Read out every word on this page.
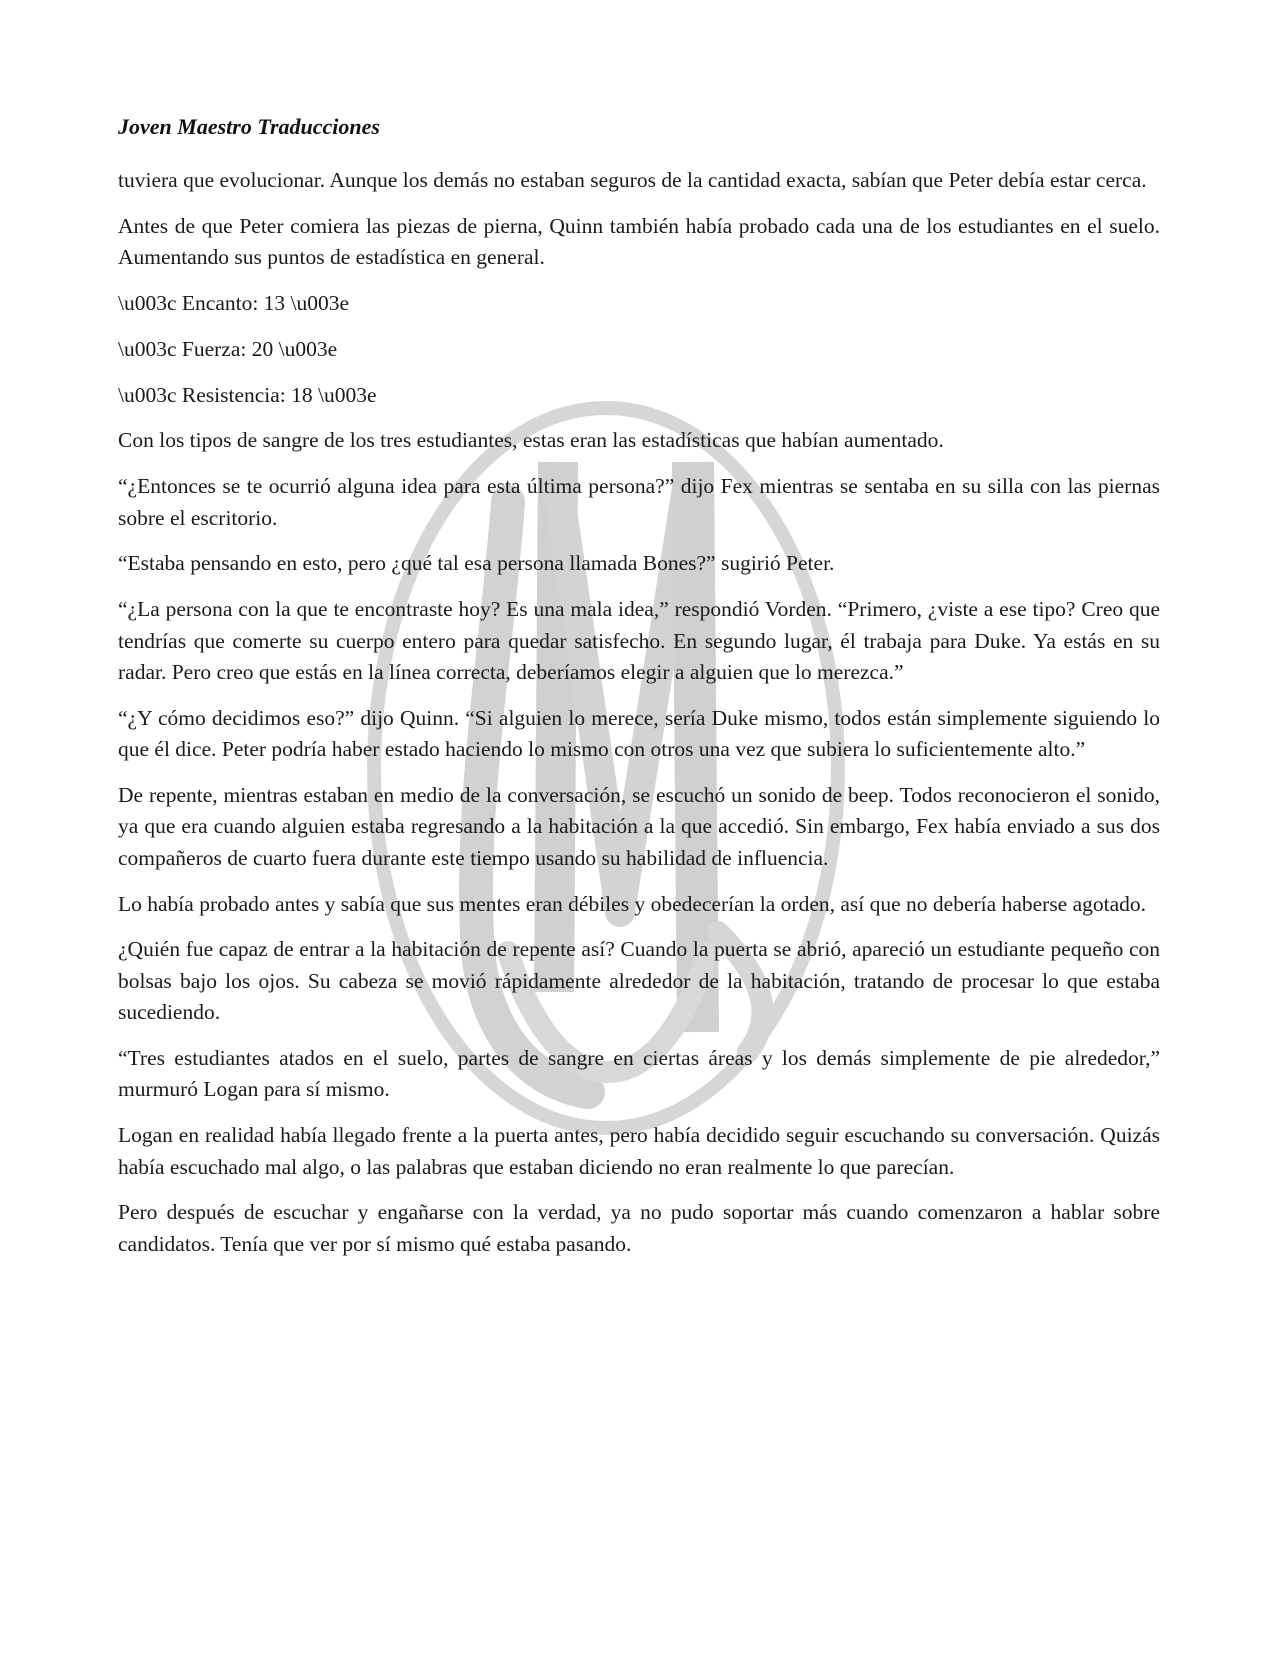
Joven Maestro Traducciones

tuviera que evolucionar. Aunque los demás no estaban seguros de la cantidad exacta, sabían que Peter debía estar cerca.

Antes de que Peter comiera las piezas de pierna, Quinn también había probado cada una de los estudiantes en el suelo. Aumentando sus puntos de estadística en general.

\u003c Encanto: 13 \u003e

\u003c Fuerza: 20 \u003e

\u003c Resistencia: 18 \u003e

Con los tipos de sangre de los tres estudiantes, estas eran las estadísticas que habían aumentado.

“¿Entonces se te ocurrió alguna idea para esta última persona?” dijo Fex mientras se sentaba en su silla con las piernas sobre el escritorio.

“Estaba pensando en esto, pero ¿qué tal esa persona llamada Bones?” sugirió Peter.

“¿La persona con la que te encontraste hoy? Es una mala idea,” respondió Vorden. “Primero, ¿viste a ese tipo? Creo que tendrías que comerte su cuerpo entero para quedar satisfecho. En segundo lugar, él trabaja para Duke. Ya estás en su radar. Pero creo que estás en la línea correcta, deberíamos elegir a alguien que lo merezca.”

“¿Y cómo decidimos eso?” dijo Quinn. “Si alguien lo merece, sería Duke mismo, todos están simplemente siguiendo lo que él dice. Peter podría haber estado haciendo lo mismo con otros una vez que subiera lo suficientemente alto.”

De repente, mientras estaban en medio de la conversación, se escuchó un sonido de beep. Todos reconocieron el sonido, ya que era cuando alguien estaba regresando a la habitación a la que accedió. Sin embargo, Fex había enviado a sus dos compañeros de cuarto fuera durante este tiempo usando su habilidad de influencia.

Lo había probado antes y sabía que sus mentes eran débiles y obedecerían la orden, así que no debería haberse agotado.

¿Quién fue capaz de entrar a la habitación de repente así? Cuando la puerta se abrió, apareció un estudiante pequeño con bolsas bajo los ojos. Su cabeza se movió rápidamente alrededor de la habitación, tratando de procesar lo que estaba sucediendo.

“Tres estudiantes atados en el suelo, partes de sangre en ciertas áreas y los demás simplemente de pie alrededor,” murmuró Logan para sí mismo.

Logan en realidad había llegado frente a la puerta antes, pero había decidido seguir escuchando su conversación. Quizás había escuchado mal algo, o las palabras que estaban diciendo no eran realmente lo que parecían.

Pero después de escuchar y engañarse con la verdad, ya no pudo soportar más cuando comenzaron a hablar sobre candidatos. Tenía que ver por sí mismo qué estaba pasando.
